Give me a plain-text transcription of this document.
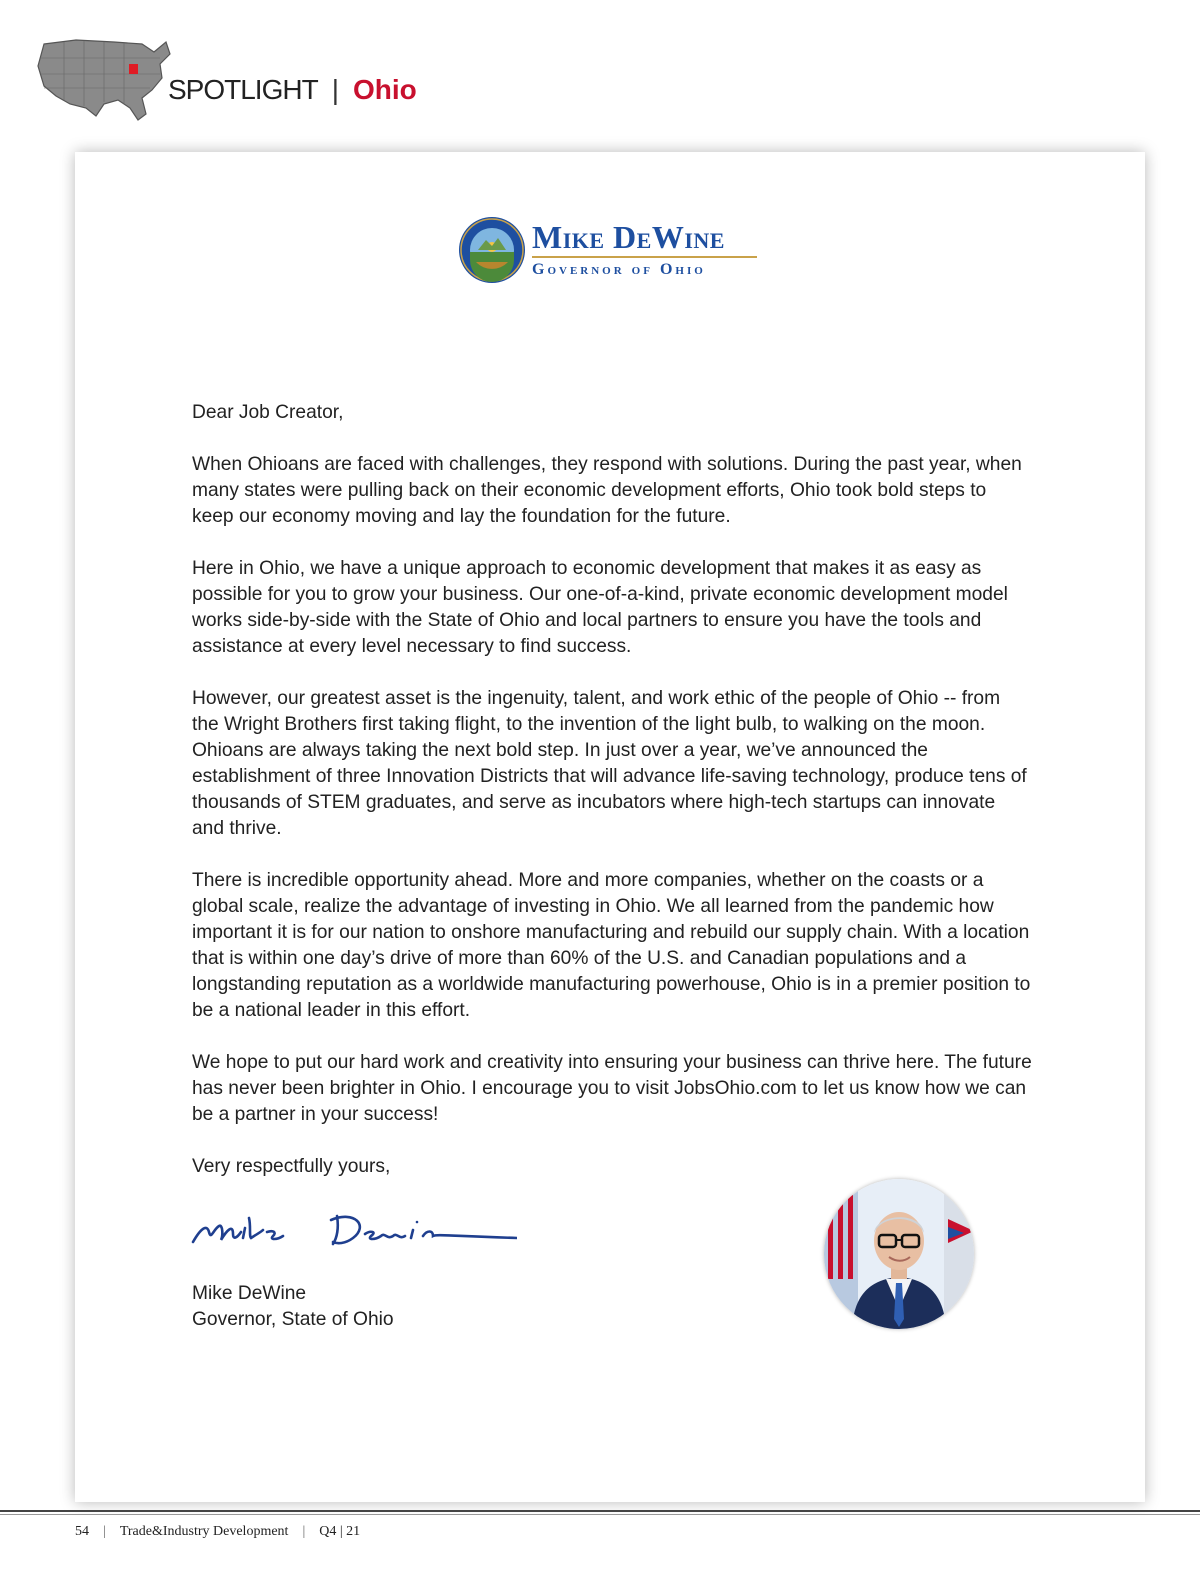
SPOTLIGHT | Ohio
Mike DeWine
Governor of Ohio

Dear Job Creator,

When Ohioans are faced with challenges, they respond with solutions. During the past year, when many states were pulling back on their economic development efforts, Ohio took bold steps to keep our economy moving and lay the foundation for the future.

Here in Ohio, we have a unique approach to economic development that makes it as easy as possible for you to grow your business. Our one-of-a-kind, private economic development model works side-by-side with the State of Ohio and local partners to ensure you have the tools and assistance at every level necessary to find success.

However, our greatest asset is the ingenuity, talent, and work ethic of the people of Ohio -- from the Wright Brothers first taking flight, to the invention of the light bulb, to walking on the moon. Ohioans are always taking the next bold step. In just over a year, we’ve announced the establishment of three Innovation Districts that will advance life-saving technology, produce tens of thousands of STEM graduates, and serve as incubators where high-tech startups can innovate and thrive.

There is incredible opportunity ahead. More and more companies, whether on the coasts or a global scale, realize the advantage of investing in Ohio. We all learned from the pandemic how important it is for our nation to onshore manufacturing and rebuild our supply chain. With a location that is within one day’s drive of more than 60% of the U.S. and Canadian populations and a longstanding reputation as a worldwide manufacturing powerhouse, Ohio is in a premier position to be a national leader in this effort.

We hope to put our hard work and creativity into ensuring your business can thrive here. The future has never been brighter in Ohio. I encourage you to visit JobsOhio.com to let us know how we can be a partner in your success!

Very respectfully yours,

Mike DeWine
Governor, State of Ohio
54 | Trade&Industry Development | Q4 | 21
